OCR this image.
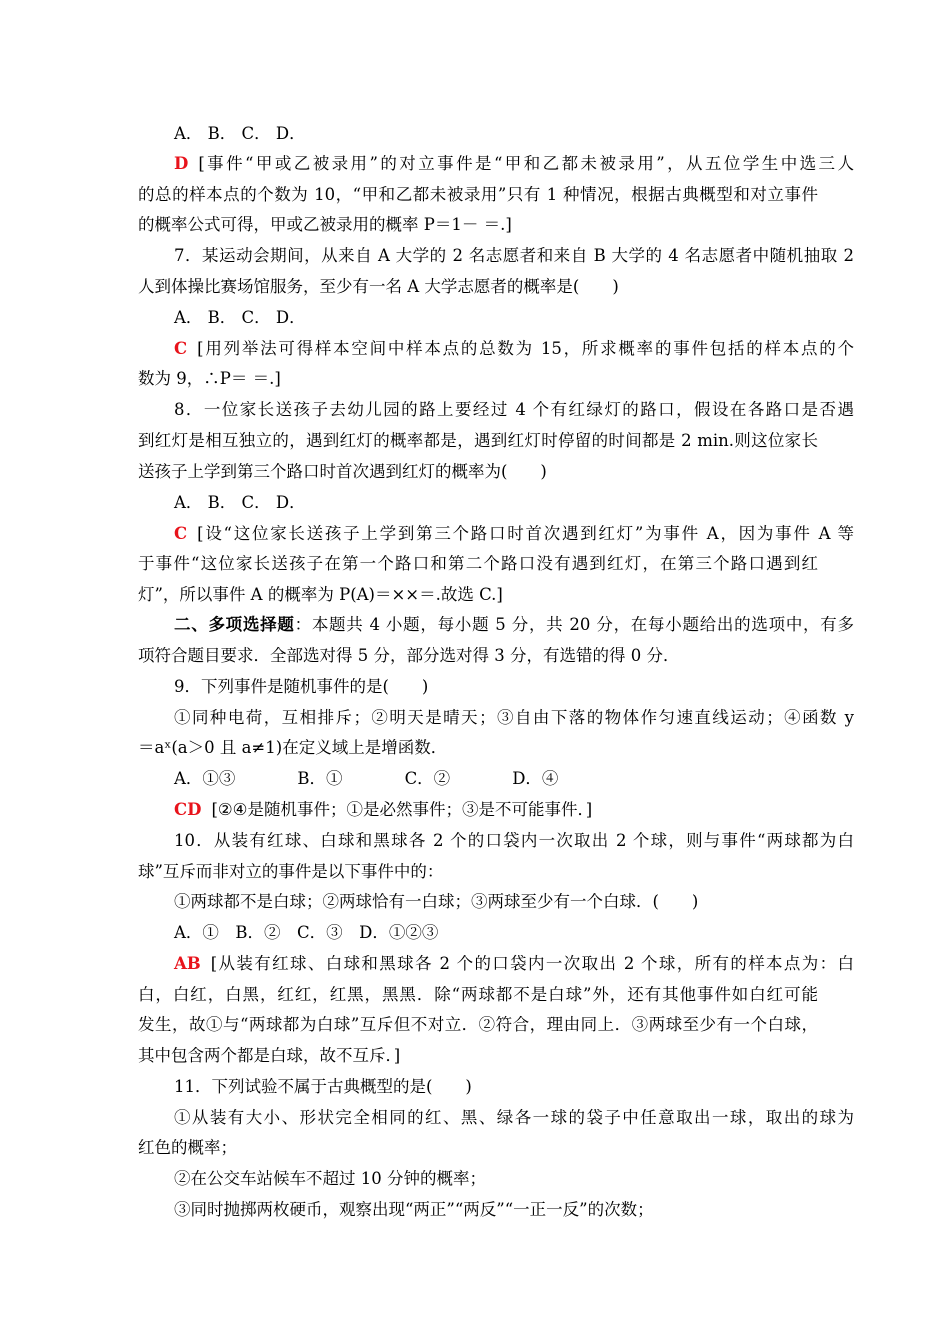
A． B． C． D．
D [事件“甲或乙被录用”的对立事件是“甲和乙都未被录用”，从五位学生中选三人
的总的样本点的个数为 10，“甲和乙都未被录用”只有 1 种情况，根据古典概型和对立事件
的概率公式可得，甲或乙被录用的概率 P＝1－ ＝.]
7．某运动会期间，从来自 A 大学的 2 名志愿者和来自 B 大学的 4 名志愿者中随机抽取 2
人到体操比赛场馆服务，至少有一名 A 大学志愿者的概率是(　　)
A． B． C． D．
C [用列举法可得样本空间中样本点的总数为 15，所求概率的事件包括的样本点的个
数为 9，∴P＝ ＝.]
8．一位家长送孩子去幼儿园的路上要经过 4 个有红绿灯的路口，假设在各路口是否遇
到红灯是相互独立的，遇到红灯的概率都是，遇到红灯时停留的时间都是 2 min.则这位家长
送孩子上学到第三个路口时首次遇到红灯的概率为(　　)
A． B． C． D．
C [设“这位家长送孩子上学到第三个路口时首次遇到红灯”为事件 A，因为事件 A 等
于事件“这位家长送孩子在第一个路口和第二个路口没有遇到红灯，在第三个路口遇到红
灯”，所以事件 A 的概率为 P(A)＝××＝.故选 C.]
二、多项选择题：本题共 4 小题，每小题 5 分，共 20 分，在每小题给出的选项中，有多
项符合题目要求．全部选对得 5 分，部分选对得 3 分，有选错的得 0 分．
9．下列事件是随机事件的是(　　)
①同种电荷，互相排斥；②明天是晴天；③自由下落的物体作匀速直线运动；④函数 y
＝aˣ(a＞0 且 a≠1)在定义域上是增函数．
A．①③	B．①	C．②	D．④
CD [②④是随机事件；①是必然事件；③是不可能事件．]
10．从装有红球、白球和黑球各 2 个的口袋内一次取出 2 个球，则与事件“两球都为白
球”互斥而非对立的事件是以下事件中的：
①两球都不是白球；②两球恰有一白球；③两球至少有一个白球．(　　)
A．①　B．②　C．③　D．①②③
AB [从装有红球、白球和黑球各 2 个的口袋内一次取出 2 个球，所有的样本点为：白
白，白红，白黑，红红，红黑，黑黑．除“两球都不是白球”外，还有其他事件如白红可能
发生，故①与“两球都为白球”互斥但不对立．②符合，理由同上．③两球至少有一个白球，
其中包含两个都是白球，故不互斥．]
11．下列试验不属于古典概型的是(　　)
①从装有大小、形状完全相同的红、黑、绿各一球的袋子中任意取出一球，取出的球为
红色的概率；
②在公交车站候车不超过 10 分钟的概率；
③同时抛掷两枚硬币，观察出现“两正”“两反”“一正一反”的次数；
